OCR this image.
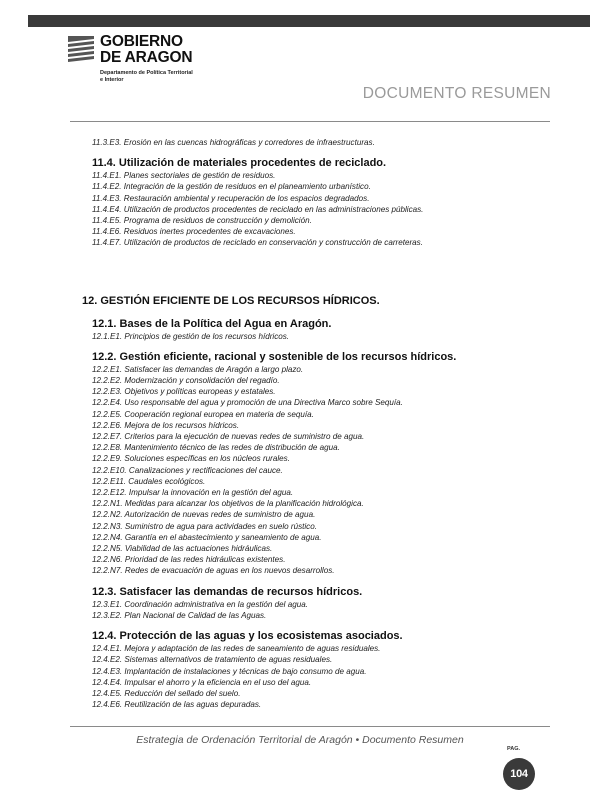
GOBIERNO
DE ARAGON
Departamento de Política Territorial
e Interior
DOCUMENTO RESUMEN
11.3.E3. Erosión en las cuencas hidrográficas y corredores de infraestructuras.
11.4. Utilización de materiales procedentes de reciclado.
11.4.E1. Planes sectoriales de gestión de residuos.
11.4.E2. Integración de la gestión de residuos en el planeamiento urbanístico.
11.4.E3. Restauración ambiental y recuperación de los espacios degradados.
11.4.E4. Utilización de productos procedentes de reciclado en las administraciones públicas.
11.4.E5. Programa de residuos de construcción y demolición.
11.4.E6. Residuos inertes procedentes de excavaciones.
11.4.E7. Utilización de productos de reciclado en conservación y construcción de carreteras.
12. GESTIÓN EFICIENTE DE LOS RECURSOS HÍDRICOS.
12.1. Bases de la Política del Agua en Aragón.
12.1.E1. Principios de gestión de los recursos hídricos.
12.2. Gestión eficiente, racional y sostenible de los recursos hídricos.
12.2.E1. Satisfacer las demandas de Aragón a largo plazo.
12.2.E2. Modernización y consolidación del regadío.
12.2.E3. Objetivos y políticas europeas y estatales.
12.2.E4. Uso responsable del agua y promoción de una Directiva Marco sobre Sequía.
12.2.E5. Cooperación regional europea en materia de sequía.
12.2.E6. Mejora de los recursos hídricos.
12.2.E7. Criterios para la ejecución de nuevas redes de suministro de agua.
12.2.E8. Mantenimiento técnico de las redes de distribución de agua.
12.2.E9. Soluciones específicas en los núcleos rurales.
12.2.E10. Canalizaciones y rectificaciones del cauce.
12.2.E11. Caudales ecológicos.
12.2.E12. Impulsar la innovación en la gestión del agua.
12.2.N1. Medidas para alcanzar los objetivos de la planificación hidrológica.
12.2.N2. Autorización de nuevas redes de suministro de agua.
12.2.N3. Suministro de agua para actividades en suelo rústico.
12.2.N4. Garantía en el abastecimiento y saneamiento de agua.
12.2.N5. Viabilidad de las actuaciones hidráulicas.
12.2.N6. Prioridad de las redes hidráulicas existentes.
12.2.N7. Redes de evacuación de aguas en los nuevos desarrollos.
12.3. Satisfacer las demandas de recursos hídricos.
12.3.E1. Coordinación administrativa en la gestión del agua.
12.3.E2. Plan Nacional de Calidad de las Aguas.
12.4. Protección de las aguas y los ecosistemas asociados.
12.4.E1. Mejora y adaptación de las redes de saneamiento de aguas residuales.
12.4.E2. Sistemas alternativos de tratamiento de aguas residuales.
12.4.E3. Implantación de instalaciones y técnicas de bajo consumo de agua.
12.4.E4. Impulsar el ahorro y la eficiencia en el uso del agua.
12.4.E5. Reducción del sellado del suelo.
12.4.E6. Reutilización de las aguas depuradas.
Estrategia de Ordenación Territorial de Aragón • Documento Resumen
PAG.
104
